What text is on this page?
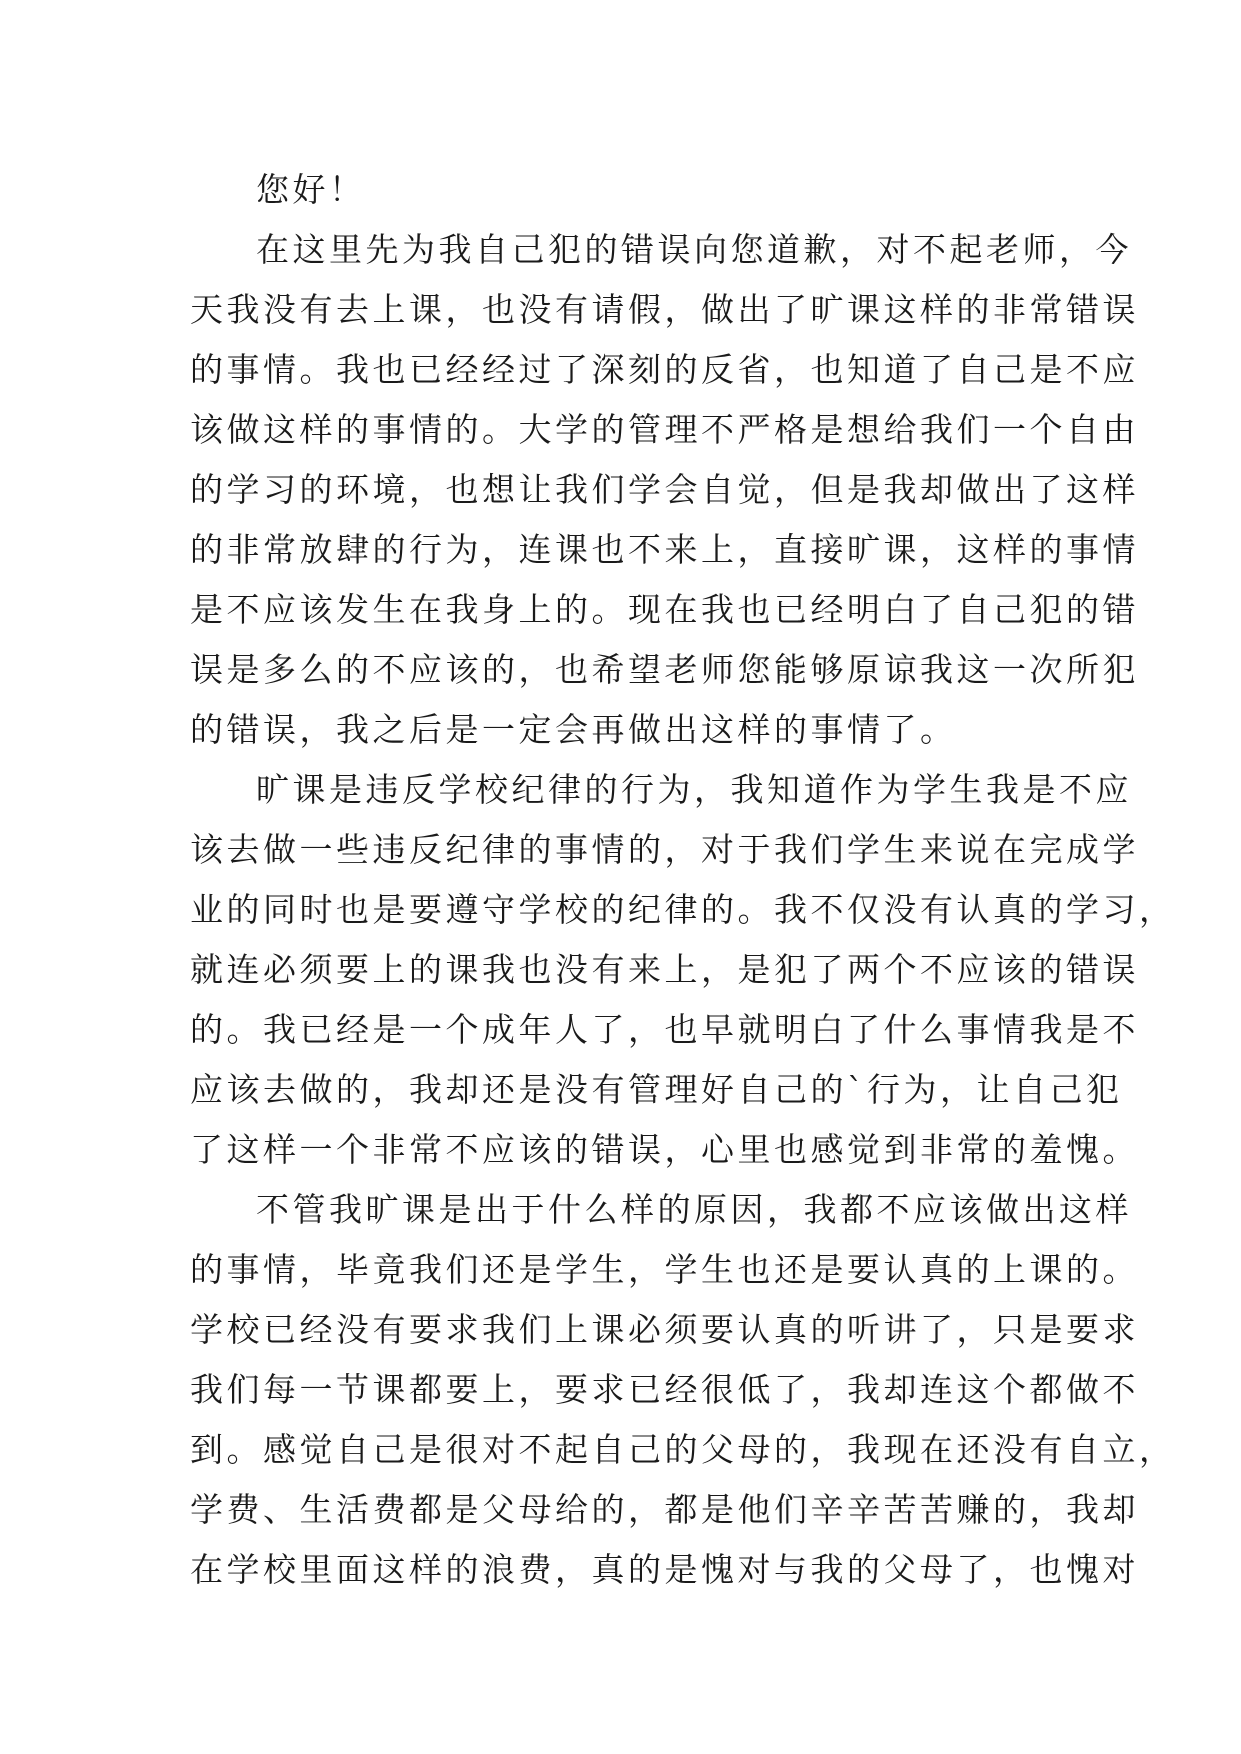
您好！

在这里先为我自己犯的错误向您道歉，对不起老师，今
天我没有去上课，也没有请假，做出了旷课这样的非常错误
的事情。我也已经经过了深刻的反省，也知道了自己是不应
该做这样的事情的。大学的管理不严格是想给我们一个自由
的学习的环境，也想让我们学会自觉，但是我却做出了这样
的非常放肆的行为，连课也不来上，直接旷课，这样的事情
是不应该发生在我身上的。现在我也已经明白了自己犯的错
误是多么的不应该的，也希望老师您能够原谅我这一次所犯
的错误，我之后是一定会再做出这样的事情了。
旷课是违反学校纪律的行为，我知道作为学生我是不应
该去做一些违反纪律的事情的，对于我们学生来说在完成学
业的同时也是要遵守学校的纪律的。我不仅没有认真的学习，
就连必须要上的课我也没有来上，是犯了两个不应该的错误
的。我已经是一个成年人了，也早就明白了什么事情我是不
应该去做的，我却还是没有管理好自己的`行为，让自己犯
了这样一个非常不应该的错误，心里也感觉到非常的羞愧。
不管我旷课是出于什么样的原因，我都不应该做出这样
的事情，毕竟我们还是学生，学生也还是要认真的上课的。
学校已经没有要求我们上课必须要认真的听讲了，只是要求
我们每一节课都要上，要求已经很低了，我却连这个都做不
到。感觉自己是很对不起自己的父母的，我现在还没有自立，
学费、生活费都是父母给的，都是他们辛辛苦苦赚的，我却
在学校里面这样的浪费，真的是愧对与我的父母了，也愧对
